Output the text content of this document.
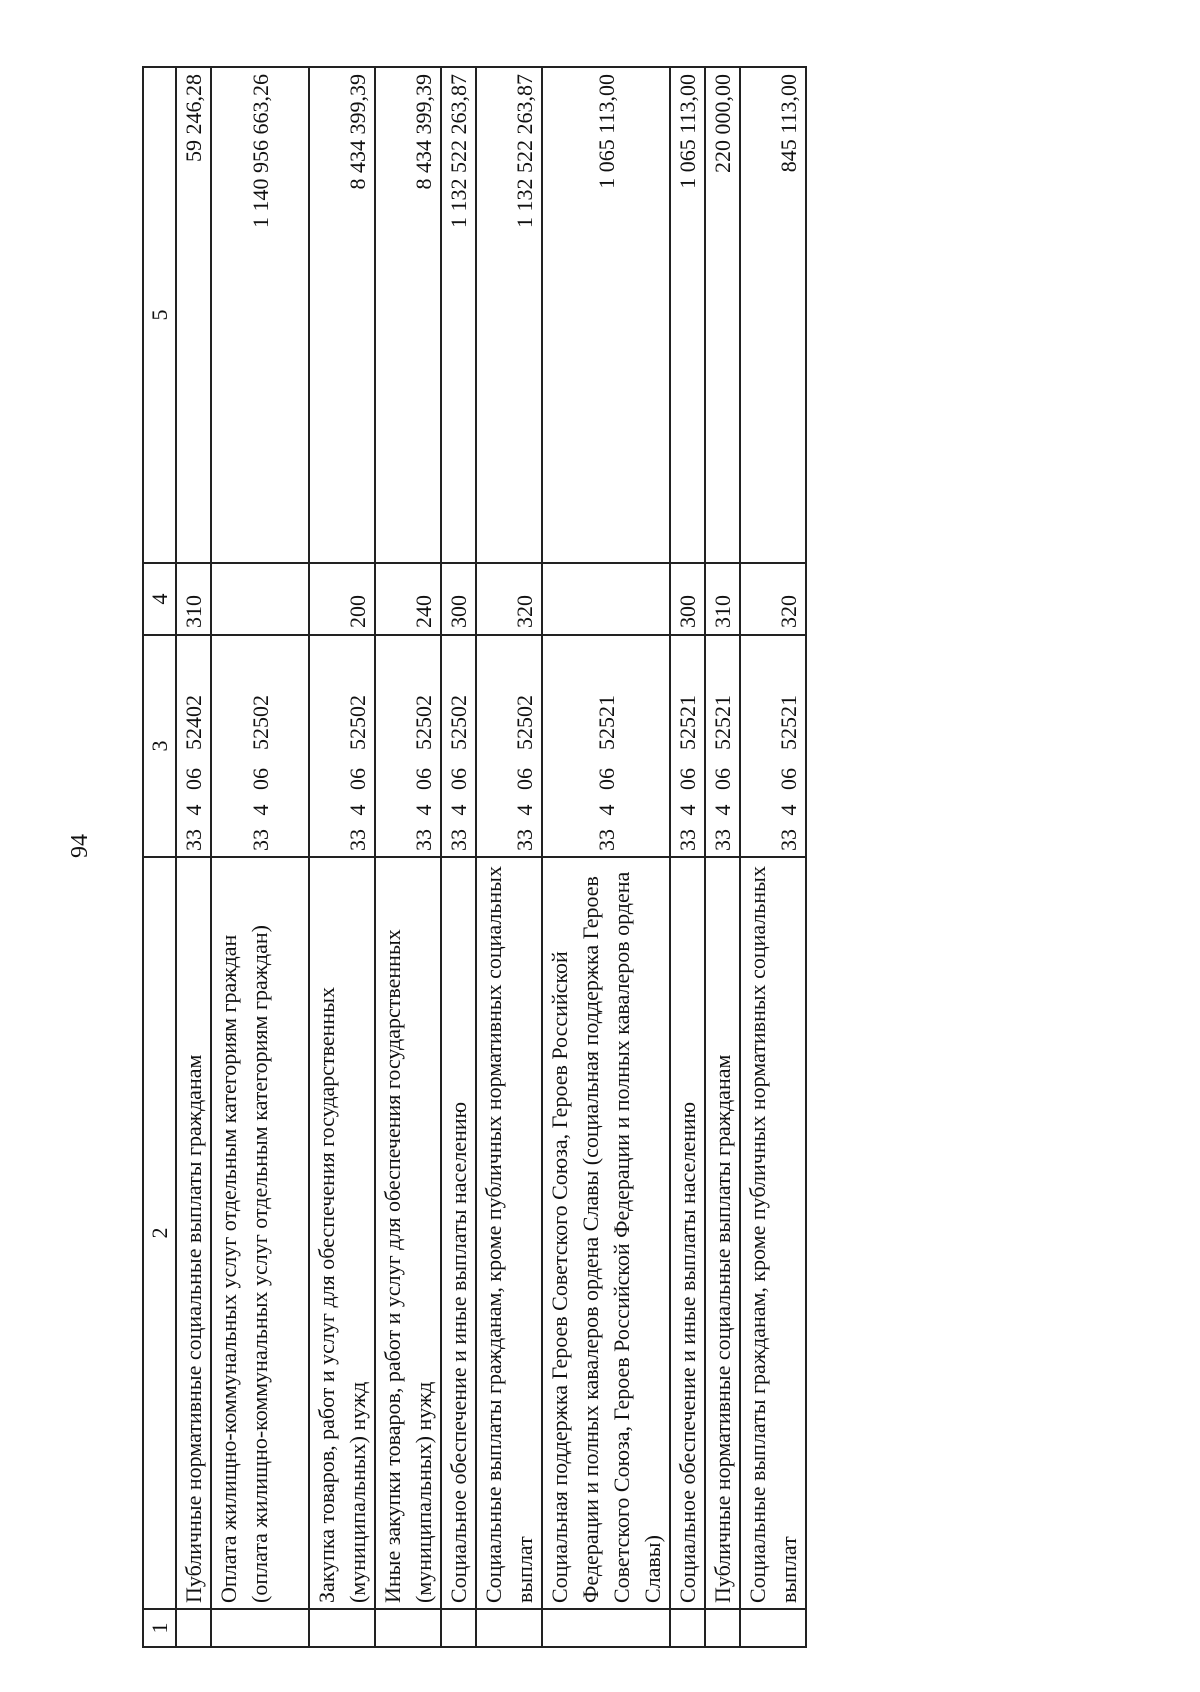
94
1	2	3	4	5
	Публичные нормативные социальные выплаты гражданам	3340652402	310	59 246,28
	Оплата жилищно-коммунальных услуг отдельным категориям граждан (оплата жилищно-коммунальных услуг отдельным категориям граждан)	3340652502		1 140 956 663,26
	Закупка товаров, работ и услуг для обеспечения государственных (муниципальных) нужд	3340652502	200	8 434 399,39
	Иные закупки товаров, работ и услуг для обеспечения государственных (муниципальных) нужд	3340652502	240	8 434 399,39
	Социальное обеспечение и иные выплаты населению	3340652502	300	1 132 522 263,87
	Социальные выплаты гражданам, кроме публичных нормативных социальных выплат	3340652502	320	1 132 522 263,87
	Социальная поддержка Героев Советского Союза, Героев Российской Федерации и полных кавалеров ордена Славы (социальная поддержка Героев Советского Союза, Героев Российской Федерации и полных кавалеров ордена Славы)	3340652521		1 065 113,00
	Социальное обеспечение и иные выплаты населению	3340652521	300	1 065 113,00
	Публичные нормативные социальные выплаты гражданам	3340652521	310	220 000,00
	Социальные выплаты гражданам, кроме публичных нормативных социальных выплат	3340652521	320	845 113,00
